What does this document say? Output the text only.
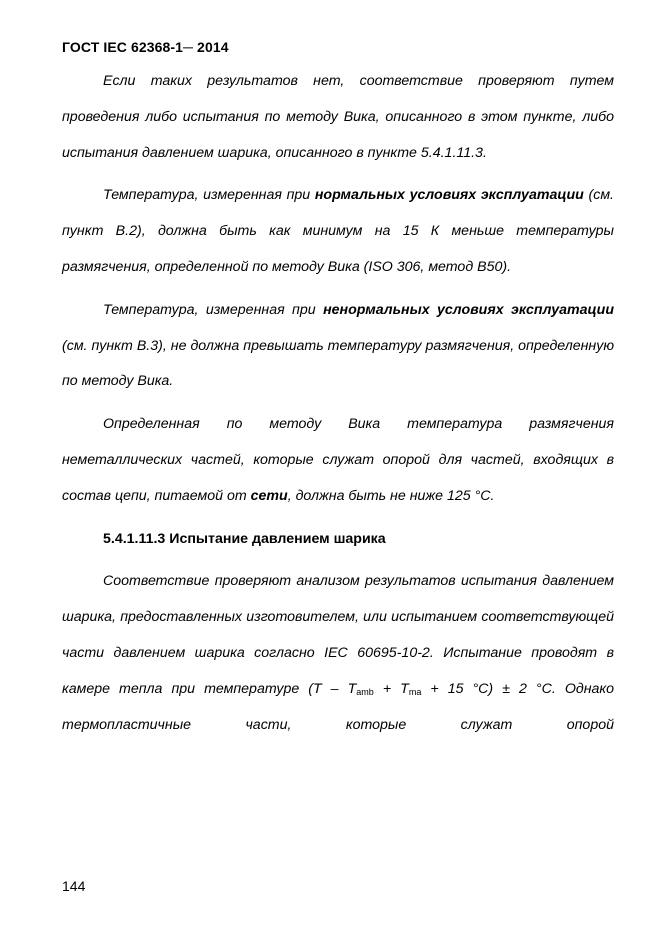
ГОСТ IEC 62368-1─ 2014

Если таких результатов нет, соответствие проверяют путем проведения либо испытания по методу Вика, описанного в этом пункте, либо испытания давлением шарика, описанного в пункте 5.4.1.11.3.

Температура, измеренная при нормальных условиях эксплуатации (см. пункт В.2), должна быть как минимум на 15 К меньше температуры размягчения, определенной по методу Вика (ISO 306, метод B50).

Температура, измеренная при ненормальных условиях эксплуатации (см. пункт В.3), не должна превышать температуру размягчения, определенную по методу Вика.

Определенная по методу Вика температура размягчения неметаллических частей, которые служат опорой для частей, входящих в состав цепи, питаемой от сети, должна быть не ниже 125 °С.

5.4.1.11.3 Испытание давлением шарика

Соответствие проверяют анализом результатов испытания давлением шарика, предоставленных изготовителем, или испытанием соответствующей части давлением шарика согласно IEC 60695-10-2. Испытание проводят в камере тепла при температуре ($T - T_{amb} + T_{ma} + 15$ °C) ± 2 °С. Однако термопластичные части, которые служат опорой

144
